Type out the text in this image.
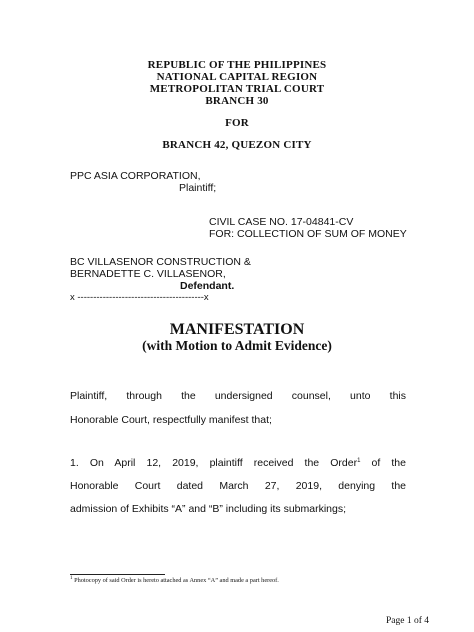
REPUBLIC OF THE PHILIPPINES
NATIONAL CAPITAL REGION
METROPOLITAN TRIAL COURT
BRANCH 30
FOR
BRANCH 42, QUEZON CITY
PPC ASIA CORPORATION,
Plaintiff;
CIVIL CASE NO. 17-04841-CV
FOR: COLLECTION OF SUM OF MONEY
BC VILLASENOR CONSTRUCTION &
BERNADETTE C. VILLASENOR,
Defendant.
x ----------------------------------------x
MANIFESTATION
(with Motion to Admit Evidence)
Plaintiff, through the undersigned counsel, unto this
Honorable Court, respectfully manifest that;
1. On April 12, 2019, plaintiff received the Order$^1$ of the
Honorable Court dated March 27, 2019, denying the
admission of Exhibits “A” and “B” including its submarkings;
$^1$ Photocopy of said Order is hereto attached as Annex “A” and made a part hereof.
Page 1 of 4
